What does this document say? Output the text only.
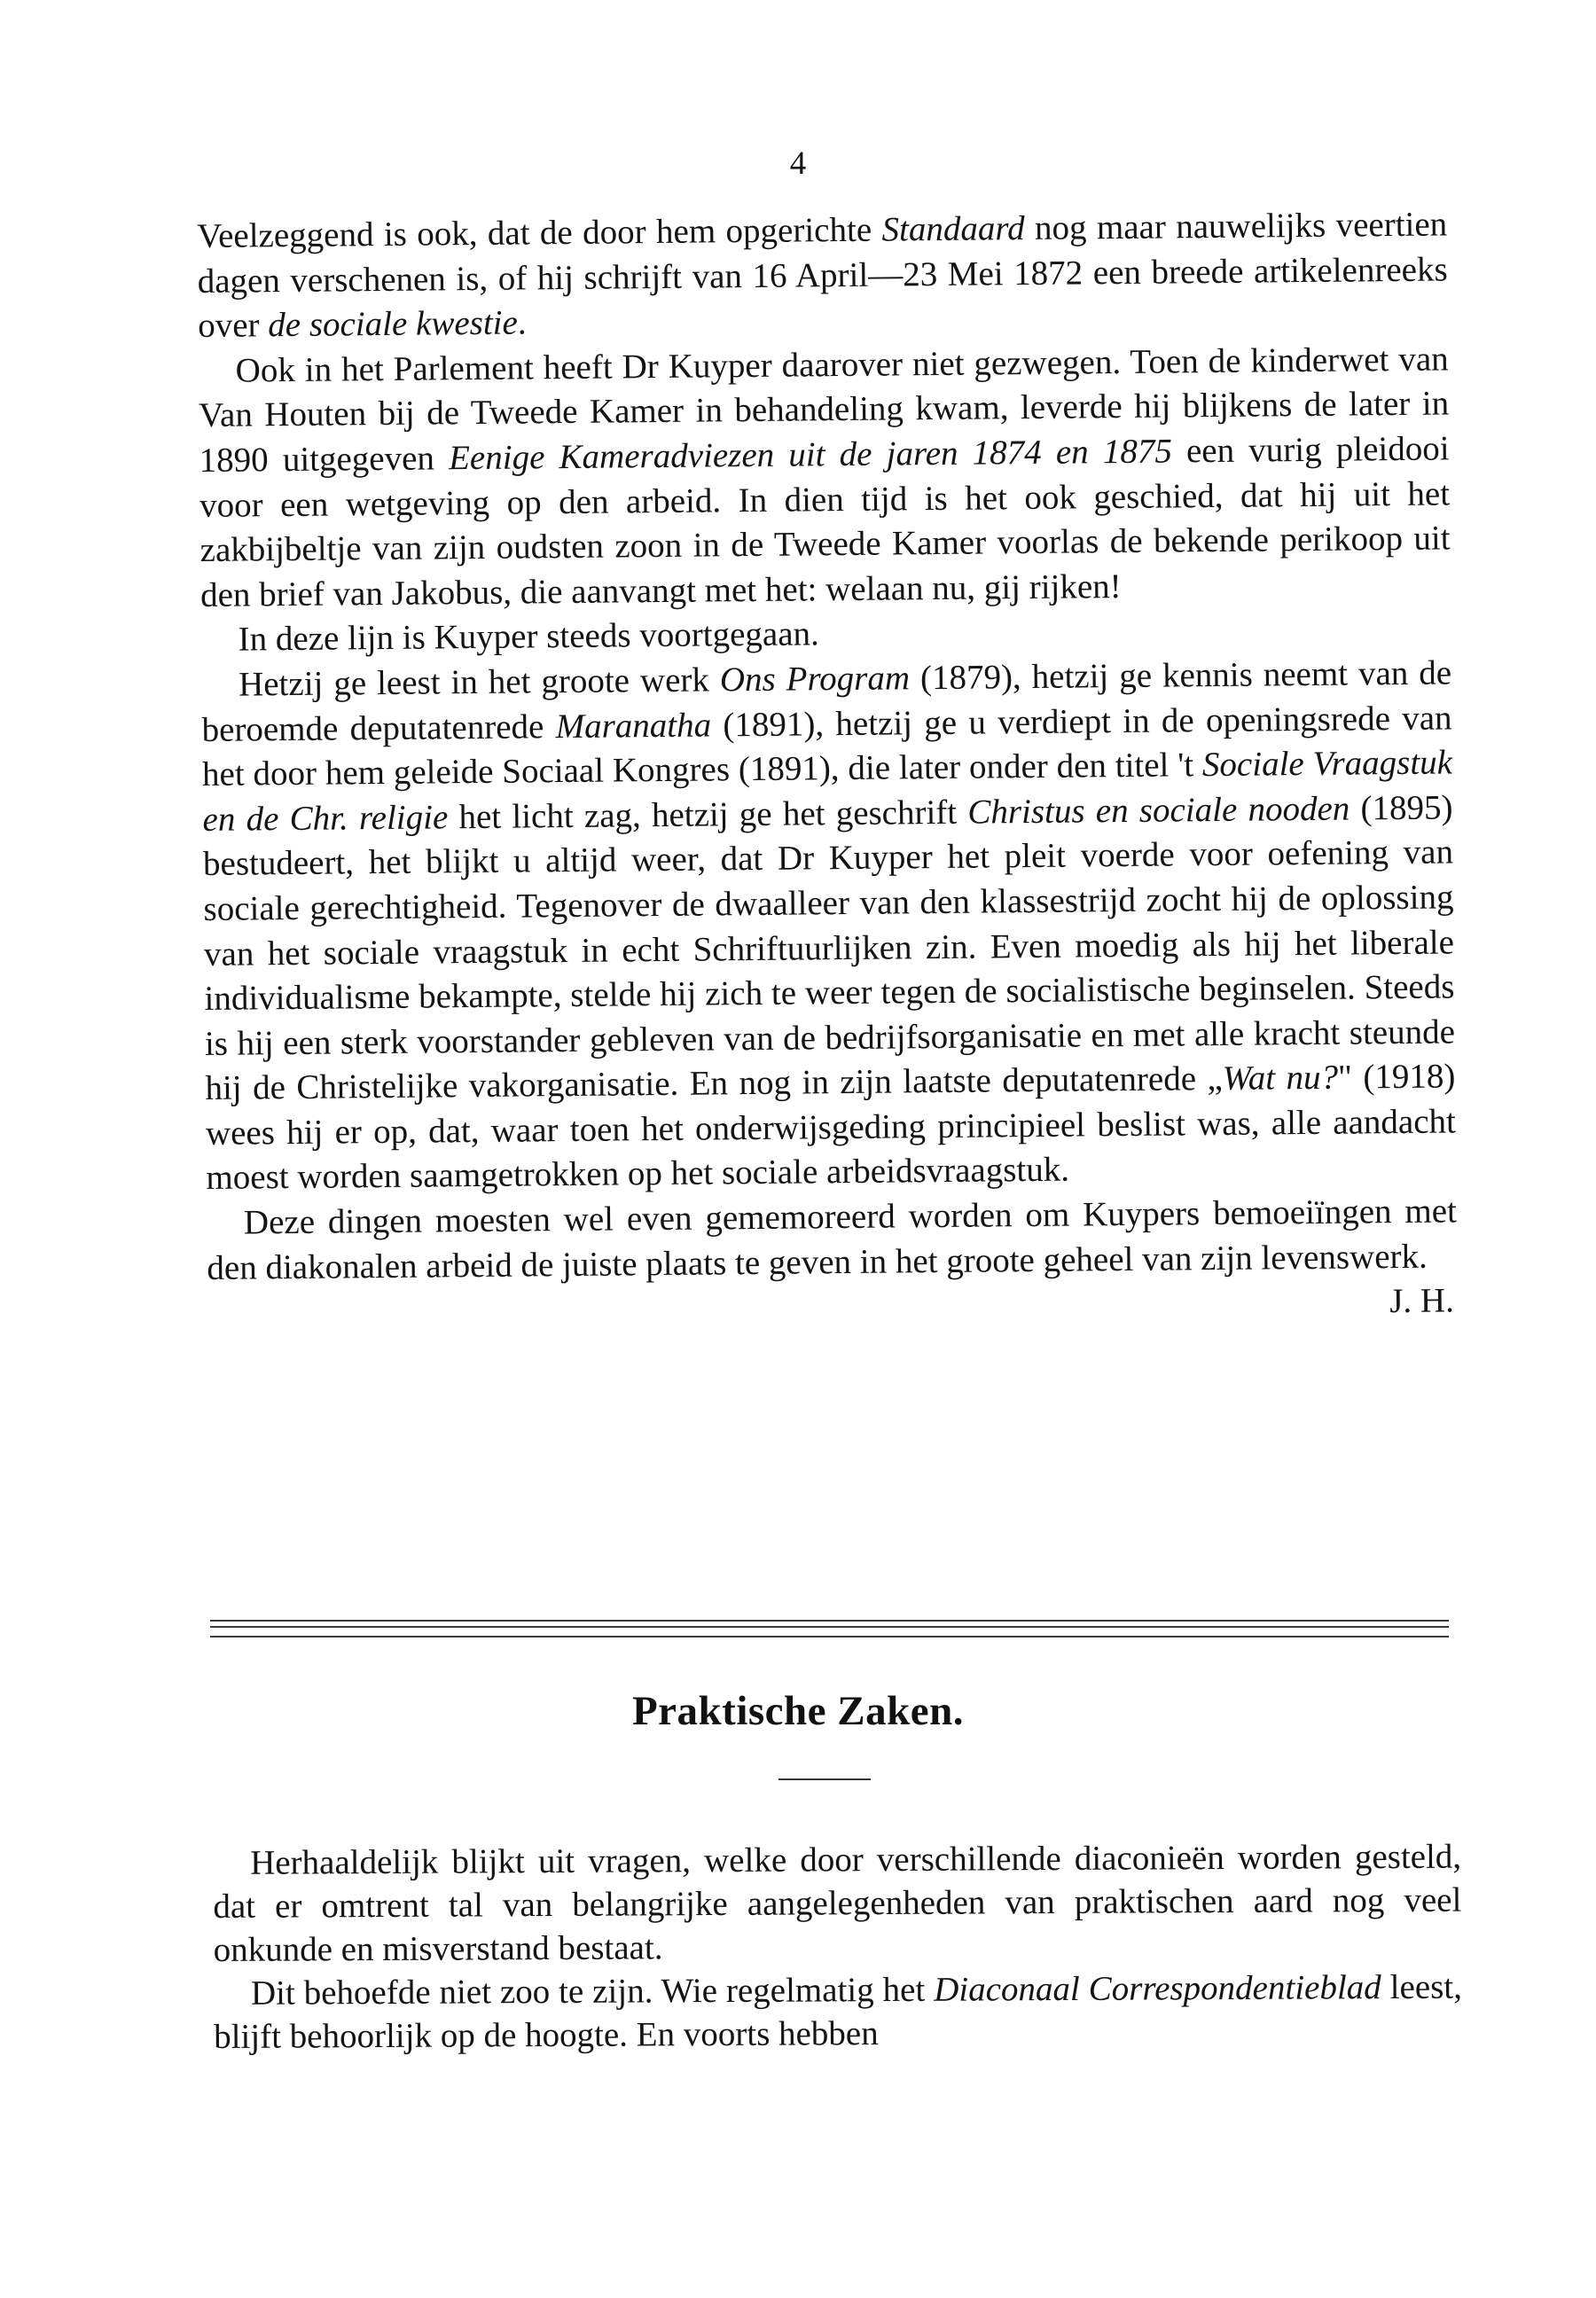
4

Veelzeggend is ook, dat de door hem opgerichte Standaard nog maar nauwelijks veertien dagen verschenen is, of hij schrijft van 16 April—23 Mei 1872 een breede artikelenreeks over de sociale kwestie.

Ook in het Parlement heeft Dr Kuyper daarover niet gezwegen. Toen de kinderwet van Van Houten bij de Tweede Kamer in behandeling kwam, leverde hij blijkens de later in 1890 uitgegeven Eenige Kameradviezen uit de jaren 1874 en 1875 een vurig pleidooi voor een wetgeving op den arbeid. In dien tijd is het ook geschied, dat hij uit het zakbijbeltje van zijn oudsten zoon in de Tweede Kamer voorlas de bekende perikoop uit den brief van Jakobus, die aanvangt met het: welaan nu, gij rijken!

In deze lijn is Kuyper steeds voortgegaan.

Hetzij ge leest in het groote werk Ons Program (1879), hetzij ge kennis neemt van de beroemde deputatenrede Maranatha (1891), hetzij ge u verdiept in de openingsrede van het door hem geleide Sociaal Kongres (1891), die later onder den titel 't Sociale Vraagstuk en de Chr. religie het licht zag, hetzij ge het geschrift Christus en sociale nooden (1895) bestudeert, het blijkt u altijd weer, dat Dr Kuyper het pleit voerde voor oefening van sociale gerechtigheid. Tegenover de dwaalleer van den klassestrijd zocht hij de oplossing van het sociale vraagstuk in echt Schriftuurlijken zin. Even moedig als hij het liberale individualisme bekampte, stelde hij zich te weer tegen de socialistische beginselen. Steeds is hij een sterk voorstander gebleven van de bedrijfsorganisatie en met alle kracht steunde hij de Christelijke vakorganisatie. En nog in zijn laatste deputatenrede „Wat nu?" (1918) wees hij er op, dat, waar toen het onderwijsgeding principieel beslist was, alle aandacht moest worden saamgetrokken op het sociale arbeidsvraagstuk.

Deze dingen moesten wel even gememoreerd worden om Kuypers bemoeiïngen met den diakonalen arbeid de juiste plaats te geven in het groote geheel van zijn levenswerk.
J. H.

Praktische Zaken.

Herhaaldelijk blijkt uit vragen, welke door verschillende diaconieën worden gesteld, dat er omtrent tal van belangrijke aangelegenheden van praktischen aard nog veel onkunde en misverstand bestaat.

Dit behoefde niet zoo te zijn. Wie regelmatig het Diaconaal Correspondentieblad leest, blijft behoorlijk op de hoogte. En voorts hebben
